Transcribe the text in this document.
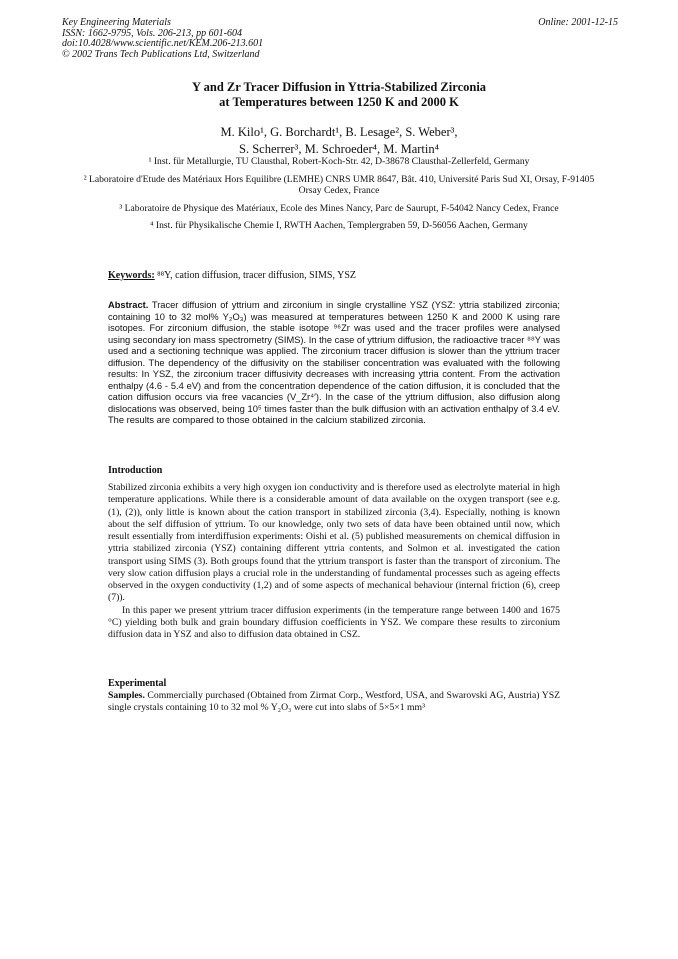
Key Engineering Materials
ISSN: 1662-9795, Vols. 206-213, pp 601-604
doi:10.4028/www.scientific.net/KEM.206-213.601
© 2002 Trans Tech Publications Ltd, Switzerland
Online: 2001-12-15
Y and Zr Tracer Diffusion in Yttria-Stabilized Zirconia
at Temperatures between 1250 K and 2000 K
M. Kilo¹, G. Borchardt¹, B. Lesage², S. Weber³,
S. Scherrer³, M. Schroeder⁴, M. Martin⁴
¹ Inst. für Metallurgie, TU Clausthal, Robert-Koch-Str. 42, D-38678 Clausthal-Zellerfeld, Germany
² Laboratoire d'Etude des Matériaux Hors Equilibre (LEMHE) CNRS UMR 8647, Bât. 410, Université Paris Sud XI, Orsay, F-91405 Orsay Cedex, France
³ Laboratoire de Physique des Matériaux, Ecole des Mines Nancy, Parc de Saurupt, F-54042 Nancy Cedex, France
⁴ Inst. für Physikalische Chemie I, RWTH Aachen, Templergraben 59, D-56056 Aachen, Germany
Keywords: ⁸⁸Y, cation diffusion, tracer diffusion, SIMS, YSZ
Abstract. Tracer diffusion of yttrium and zirconium in single crystalline YSZ (YSZ: yttria stabilized zirconia; containing 10 to 32 mol% Y₂O₃) was measured at temperatures between 1250 K and 2000 K using rare isotopes. For zirconium diffusion, the stable isotope ⁹⁶Zr was used and the tracer profiles were analysed using secondary ion mass spectrometry (SIMS). In the case of yttrium diffusion, the radioactive tracer ⁸⁸Y was used and a sectioning technique was applied. The zirconium tracer diffusion is slower than the yttrium tracer diffusion. The dependency of the diffusivity on the stabiliser concentration was evaluated with the following results: In YSZ, the zirconium tracer diffusivity decreases with increasing yttria content. From the activation enthalpy (4.6 - 5.4 eV) and from the concentration dependence of the cation diffusion, it is concluded that the cation diffusion occurs via free vacancies (V_Zr⁴′). In the case of the yttrium diffusion, also diffusion along dislocations was observed, being 10⁵ times faster than the bulk diffusion with an activation enthalpy of 3.4 eV. The results are compared to those obtained in the calcium stabilized zirconia.
Introduction

Stabilized zirconia exhibits a very high oxygen ion conductivity and is therefore used as electrolyte material in high temperature applications. While there is a considerable amount of data available on the oxygen transport (see e.g. (1), (2)), only little is known about the cation transport in stabilized zirconia (3,4). Especially, nothing is known about the self diffusion of yttrium. To our knowledge, only two sets of data have been obtained until now, which result essentially from interdiffusion experiments: Oishi et al. (5) published measurements on chemical diffusion in yttria stabilized zirconia (YSZ) containing different yttria contents, and Solmon et al. investigated the cation transport using SIMS (3). Both groups found that the yttrium transport is faster than the transport of zirconium. The very slow cation diffusion plays a crucial role in the understanding of fundamental processes such as ageing effects observed in the oxygen conductivity (1,2) and of some aspects of mechanical behaviour (internal friction (6), creep (7)).

In this paper we present yttrium tracer diffusion experiments (in the temperature range between 1400 and 1675 °C) yielding both bulk and grain boundary diffusion coefficients in YSZ. We compare these results to zirconium diffusion data in YSZ and also to diffusion data obtained in CSZ.

Experimental
Samples. Commercially purchased (Obtained from Zirmat Corp., Westford, USA, and Swarovski AG, Austria) YSZ single crystals containing 10 to 32 mol % Y₂O₃ were cut into slabs of 5×5×1 mm³
